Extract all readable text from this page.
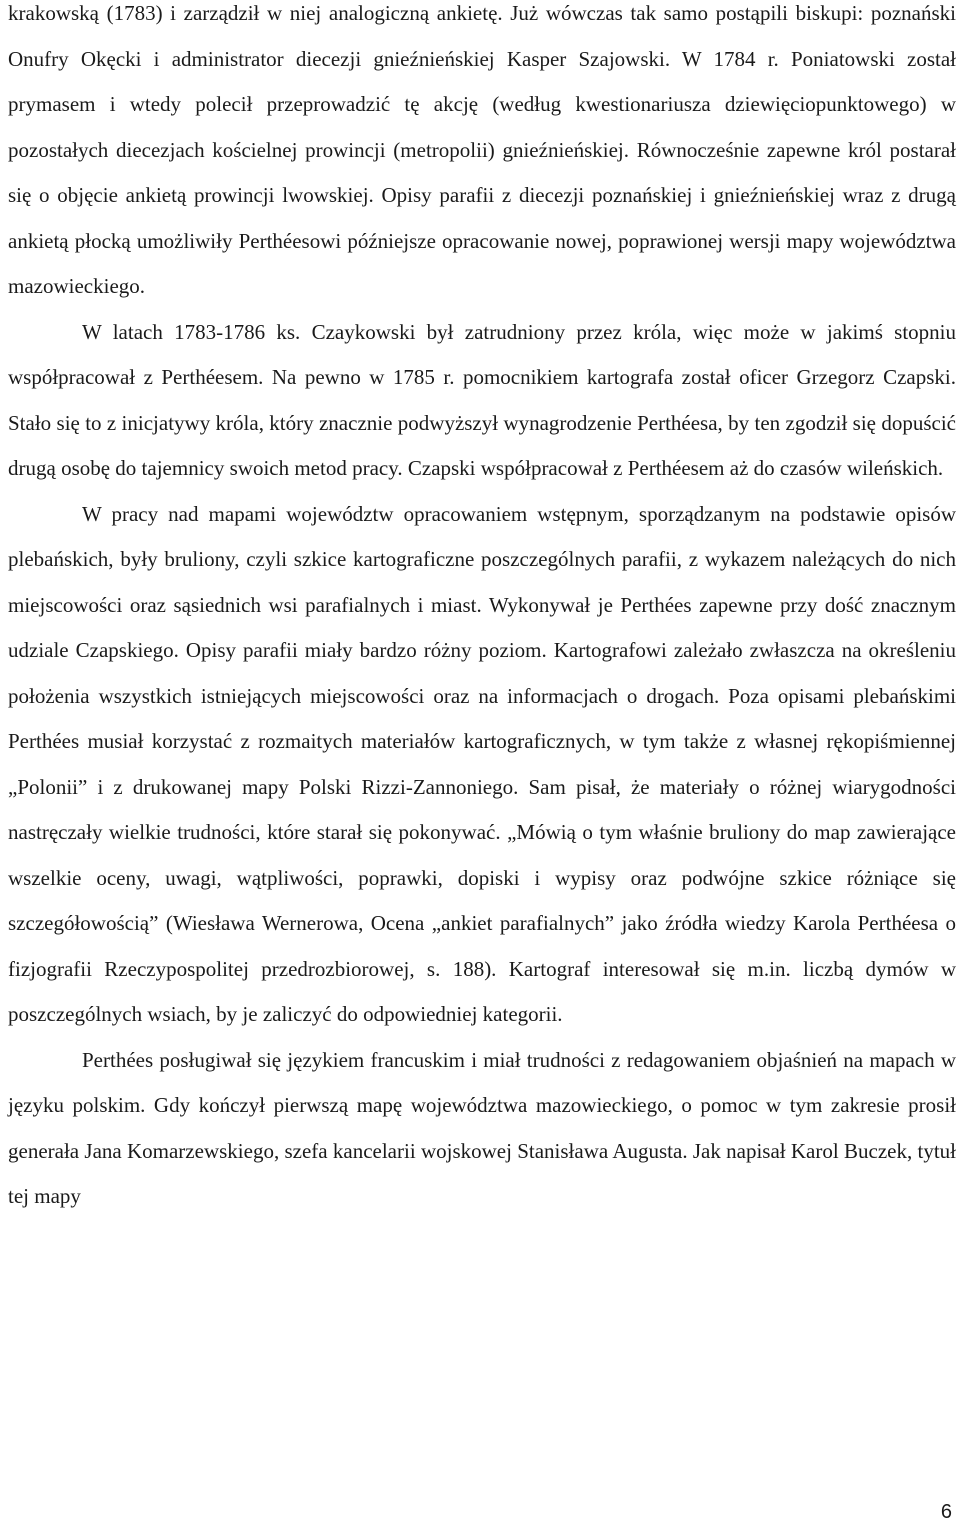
krakowską (1783) i zarządził w niej analogiczną ankietę. Już wówczas tak samo postąpili biskupi: poznański Onufry Okęcki i administrator diecezji gnieźnieńskiej Kasper Szajowski. W 1784 r. Poniatowski został prymasem i wtedy polecił przeprowadzić tę akcję (według kwestionariusza dziewięciopunktowego) w pozostałych diecezjach kościelnej prowincji (metropolii) gnieźnieńskiej. Równocześnie zapewne król postarał się o objęcie ankietą prowincji lwowskiej. Opisy parafii z diecezji poznańskiej i gnieźnieńskiej wraz z drugą ankietą płocką umożliwiły Perthéesowi późniejsze opracowanie nowej, poprawionej wersji mapy województwa mazowieckiego.

W latach 1783-1786 ks. Czaykowski był zatrudniony przez króla, więc może w jakimś stopniu współpracował z Perthéesem. Na pewno w 1785 r. pomocnikiem kartografa został oficer Grzegorz Czapski. Stało się to z inicjatywy króla, który znacznie podwyższył wynagrodzenie Perthéesa, by ten zgodził się dopuścić drugą osobę do tajemnicy swoich metod pracy. Czapski współpracował z Perthéesem aż do czasów wileńskich.

W pracy nad mapami województw opracowaniem wstępnym, sporządzanym na podstawie opisów plebańskich, były bruliony, czyli szkice kartograficzne poszczególnych parafii, z wykazem należących do nich miejscowości oraz sąsiednich wsi parafialnych i miast. Wykonywał je Perthées zapewne przy dość znacznym udziale Czapskiego. Opisy parafii miały bardzo różny poziom. Kartografowi zależało zwłaszcza na określeniu położenia wszystkich istniejących miejscowości oraz na informacjach o drogach. Poza opisami plebańskimi Perthées musiał korzystać z rozmaitych materiałów kartograficznych, w tym także z własnej rękopiśmiennej „Polonii” i z drukowanej mapy Polski Rizzi-Zannoniego. Sam pisał, że materiały o różnej wiarygodności nastręczały wielkie trudności, które starał się pokonywać. „Mówią o tym właśnie bruliony do map zawierające wszelkie oceny, uwagi, wątpliwości, poprawki, dopiski i wypisy oraz podwójne szkice różniące się szczegółowością” (Wiesława Wernerowa, Ocena „ankiet parafialnych” jako źródła wiedzy Karola Perthéesa o fizjografii Rzeczypospolitej przedrozbiorowej, s. 188). Kartograf interesował się m.in. liczbą dymów w poszczególnych wsiach, by je zaliczyć do odpowiedniej kategorii.

Perthées posługiwał się językiem francuskim i miał trudności z redagowaniem objaśnień na mapach w języku polskim. Gdy kończył pierwszą mapę województwa mazowieckiego, o pomoc w tym zakresie prosił generała Jana Komarzewskiego, szefa kancelarii wojskowej Stanisława Augusta. Jak napisał Karol Buczek, tytuł tej mapy

6
